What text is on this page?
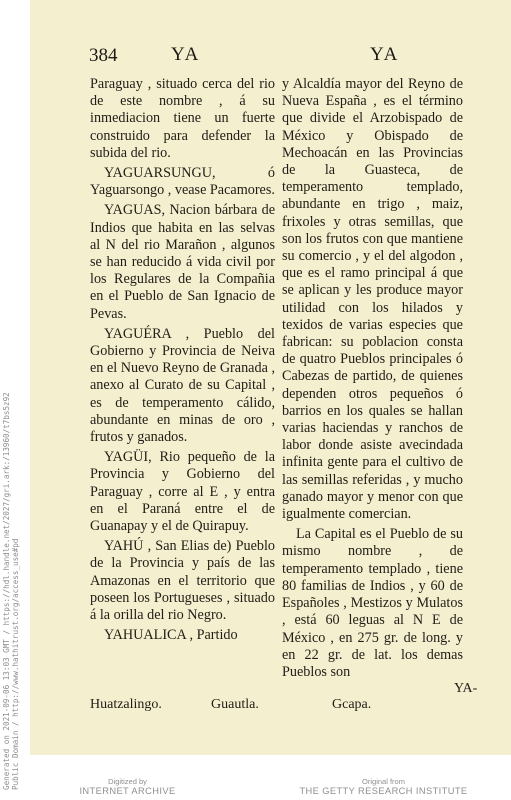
Generated on 2021-09-06 13:03 GMT / https://hdl.handle.net/2027/gri.ark:/13960/t7bs5z92 Public Domain / http://www.hathitrust.org/access_use#pd
384	YA	YA

Paraguay , situado cerca del rio de este nombre , á su inmediacion tiene un fuerte construido para defender la subida del rio.

YAGUARSUNGU, ó Yaguarsongo , vease Pacamores.

YAGUAS, Nacion bárbara de Indios que habita en las selvas al N del rio Marañon , algunos se han reducido á vida civil por los Regulares de la Compañia en el Pueblo de San Ignacio de Pevas.

YAGUÉRA , Pueblo del Gobierno y Provincia de Neiva en el Nuevo Reyno de Granada , anexo al Curato de su Capital , es de temperamento cálido, abundante en minas de oro , frutos y ganados.

YAGÜI, Rio pequeño de la Provincia y Gobierno del Paraguay , corre al E , y entra en el Paraná entre el de Guanapay y el de Quirapuy.

YAHÚ , San Elias de) Pueblo de la Provincia y país de las Amazonas en el territorio que poseen los Portugueses , situado á la orilla del rio Negro.

YAHUALICA , Partido

y Alcaldía mayor del Reyno de Nueva España , es el término que divide el Arzobispado de México y Obispado de Mechoacán en las Provincias de la Guasteca, de temperamento templado, abundante en trigo , maiz, frixoles y otras semillas, que son los frutos con que mantiene su comercio , y el del algodon , que es el ramo principal á que se aplican y les produce mayor utilidad con los hilados y texidos de varias especies que fabrican: su poblacion consta de quatro Pueblos principales ó Cabezas de partido, de quienes dependen otros pequeños ó barrios en los quales se hallan varias haciendas y ranchos de labor donde asiste avecindada infinita gente para el cultivo de las semillas referidas , y mucho ganado mayor y menor con que igualmente comercian.

La Capital es el Pueblo de su mismo nombre , de temperamento templado , tiene 80 familias de Indios , y 60 de Españoles , Mestizos y Mulatos , está 60 leguas al N E de México , en 275 gr. de long. y en 22 gr. de lat. los demas Pueblos son

Huatzalingo.	Guautla.	Gcapa.
YA-
Digitized by
INTERNET ARCHIVE
Original from
THE GETTY RESEARCH INSTITUTE
